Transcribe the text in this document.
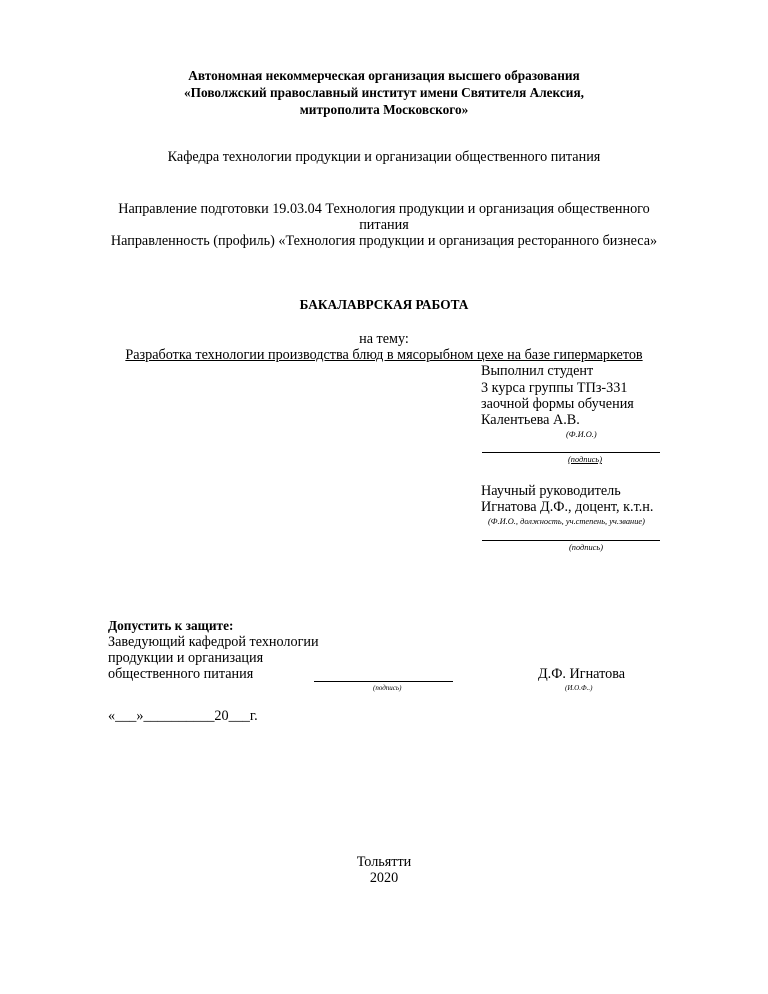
Автономная некоммерческая организация высшего образования
«Поволжский православный институт имени Святителя Алексия,
митрополита Московского»
Кафедра технологии продукции и организации общественного питания
Направление подготовки 19.03.04 Технология продукции и организация общественного
питания
Направленность (профиль) «Технология продукции и организация ресторанного бизнеса»
БАКАЛАВРСКАЯ РАБОТА
на тему:
Разработка технологии производства блюд в мясорыбном цехе на базе гипермаркетов
Выполнил студент
3 курса группы ТПз-331
заочной формы обучения
Калентьева А.В.
(Ф.И.О.)
(подпись)
Научный руководитель
Игнатова Д.Ф., доцент, к.т.н.
(Ф.И.О., должность, уч.степень, уч.звание)
(подпись)
Допустить к защите:
Заведующий кафедрой технологии
продукции и организация
общественного питания
(подпись)
Д.Ф. Игнатова
(И.О.Ф..)
«___»__________20___г.
Тольятти
2020
